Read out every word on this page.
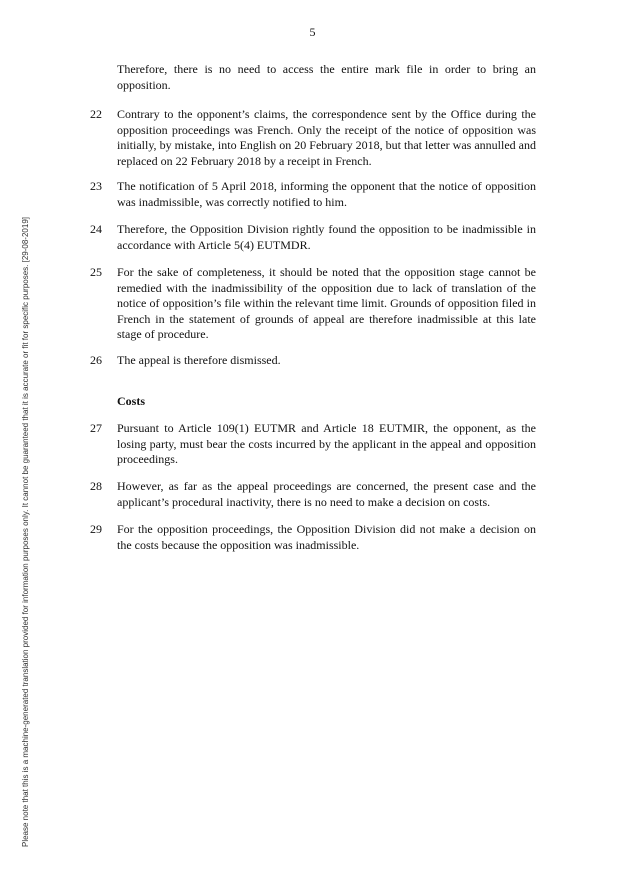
5
Please note that this is a machine-generated translation provided for information purposes only. It cannot be guaranteed that it is accurate or fit for specific purposes. [29-08-2019]
Therefore, there is no need to access the entire mark file in order to bring an opposition.
22	Contrary to the opponent’s claims, the correspondence sent by the Office during the opposition proceedings was French. Only the receipt of the notice of opposition was initially, by mistake, into English on 20 February 2018, but that letter was annulled and replaced on 22 February 2018 by a receipt in French.
23	The notification of 5 April 2018, informing the opponent that the notice of opposition was inadmissible, was correctly notified to him.
24	Therefore, the Opposition Division rightly found the opposition to be inadmissible in accordance with Article 5(4) EUTMDR.
25	For the sake of completeness, it should be noted that the opposition stage cannot be remedied with the inadmissibility of the opposition due to lack of translation of the notice of opposition’s file within the relevant time limit. Grounds of opposition filed in French in the statement of grounds of appeal are therefore inadmissible at this late stage of procedure.
26	The appeal is therefore dismissed.
Costs
27	Pursuant to Article 109(1) EUTMR and Article 18 EUTMIR, the opponent, as the losing party, must bear the costs incurred by the applicant in the appeal and opposition proceedings.
28	However, as far as the appeal proceedings are concerned, the present case and the applicant’s procedural inactivity, there is no need to make a decision on costs.
29	For the opposition proceedings, the Opposition Division did not make a decision on the costs because the opposition was inadmissible.
